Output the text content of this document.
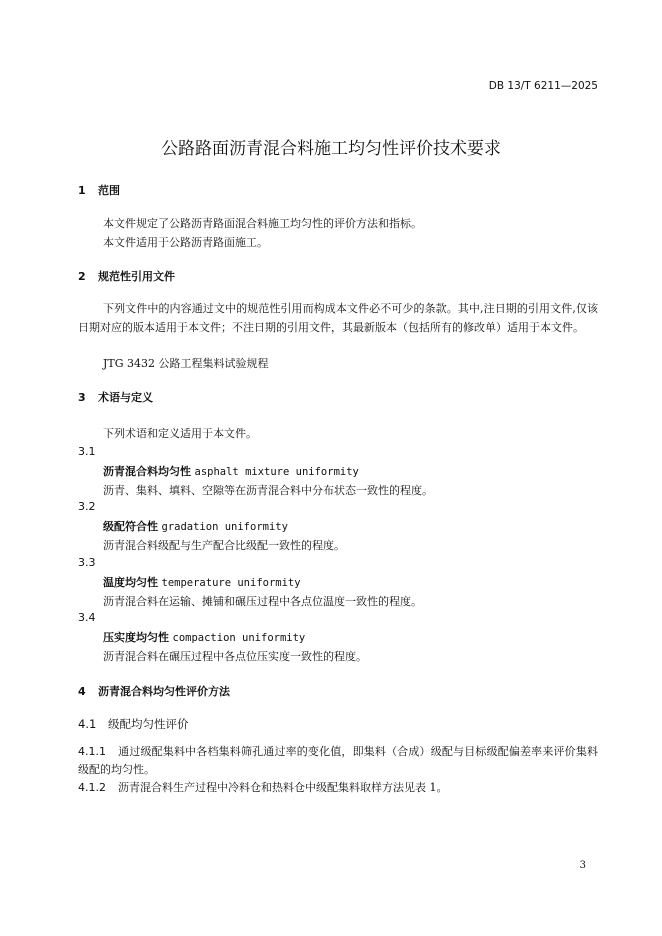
DB 13/T 6211—2025
公路路面沥青混合料施工均匀性评价技术要求
1 范围
本文件规定了公路沥青路面混合料施工均匀性的评价方法和指标。
本文件适用于公路沥青路面施工。
2 规范性引用文件
下列文件中的内容通过文中的规范性引用而构成本文件必不可少的条款。其中,注日期的引用文件,仅该日期对应的版本适用于本文件；不注日期的引用文件，其最新版本（包括所有的修改单）适用于本文件。
JTG 3432 公路工程集料试验规程
3 术语与定义
下列术语和定义适用于本文件。
3.1
沥青混合料均匀性 asphalt mixture uniformity
沥青、集料、填料、空隙等在沥青混合料中分布状态一致性的程度。
3.2
级配符合性 gradation uniformity
沥青混合料级配与生产配合比级配一致性的程度。
3.3
温度均匀性 temperature uniformity
沥青混合料在运输、摊铺和碾压过程中各点位温度一致性的程度。
3.4
压实度均匀性 compaction uniformity
沥青混合料在碾压过程中各点位压实度一致性的程度。
4 沥青混合料均匀性评价方法
4.1 级配均匀性评价
4.1.1 通过级配集料中各档集料筛孔通过率的变化值，即集料（合成）级配与目标级配偏差率来评价集料级配的均匀性。
4.1.2 沥青混合料生产过程中冷料仓和热料仓中级配集料取样方法见表 1。
3
